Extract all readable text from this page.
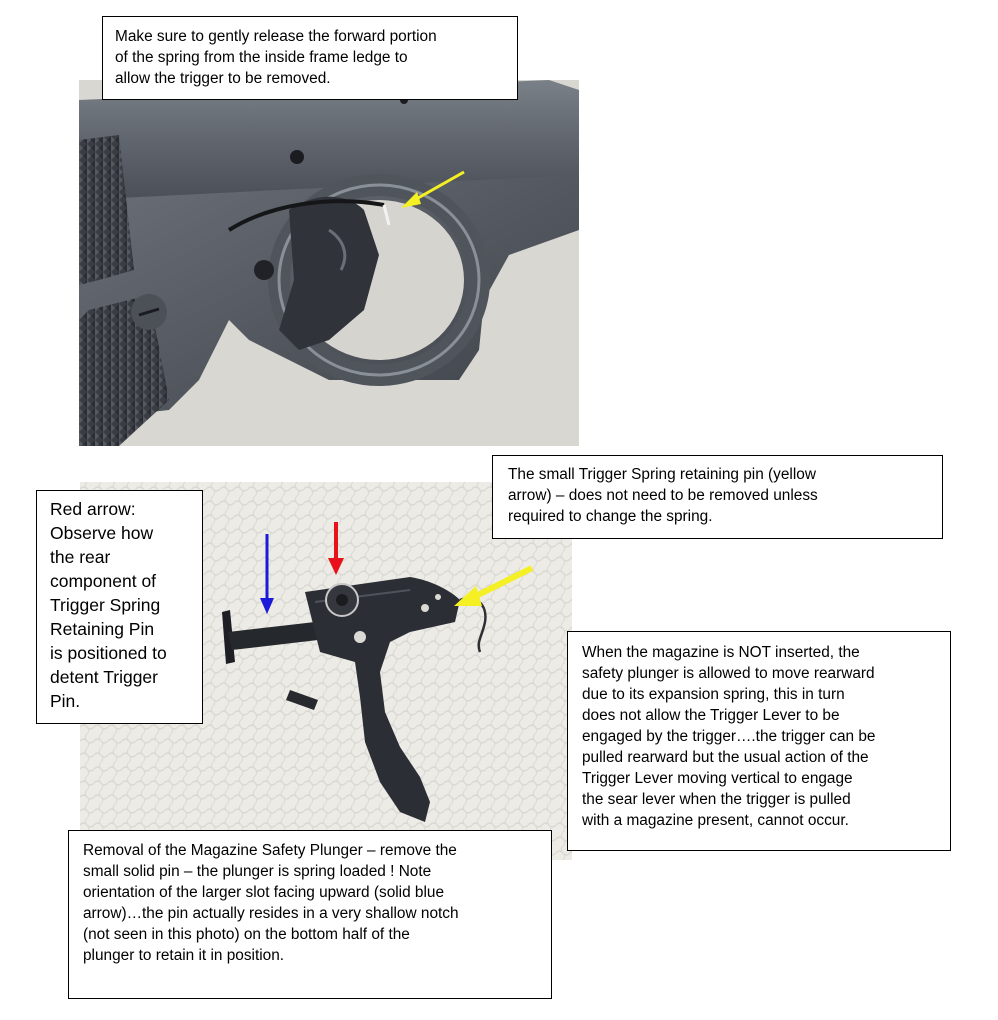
Make sure to gently release the forward portion
of the spring from the inside frame ledge to
allow the trigger to be removed.
The small Trigger Spring retaining pin (yellow
arrow) – does not need to be removed unless
required to change the spring.
Red arrow:
Observe how
the rear
component of
Trigger Spring
Retaining Pin
is positioned to
detent Trigger
Pin.
When the magazine is NOT inserted, the
safety plunger is allowed to move rearward
due to its expansion spring, this in turn
does not allow the Trigger Lever to be
engaged by the trigger….the trigger can be
pulled rearward but the usual action of the
Trigger Lever moving vertical to engage
the sear lever when the trigger is pulled
with a magazine present, cannot occur.
Removal of the Magazine Safety Plunger – remove the
small solid pin – the plunger is spring loaded ! Note
orientation of the larger slot facing upward (solid blue
arrow)…the pin actually resides in a very shallow notch
(not seen in this photo) on the bottom half of the
plunger to retain it in position.
